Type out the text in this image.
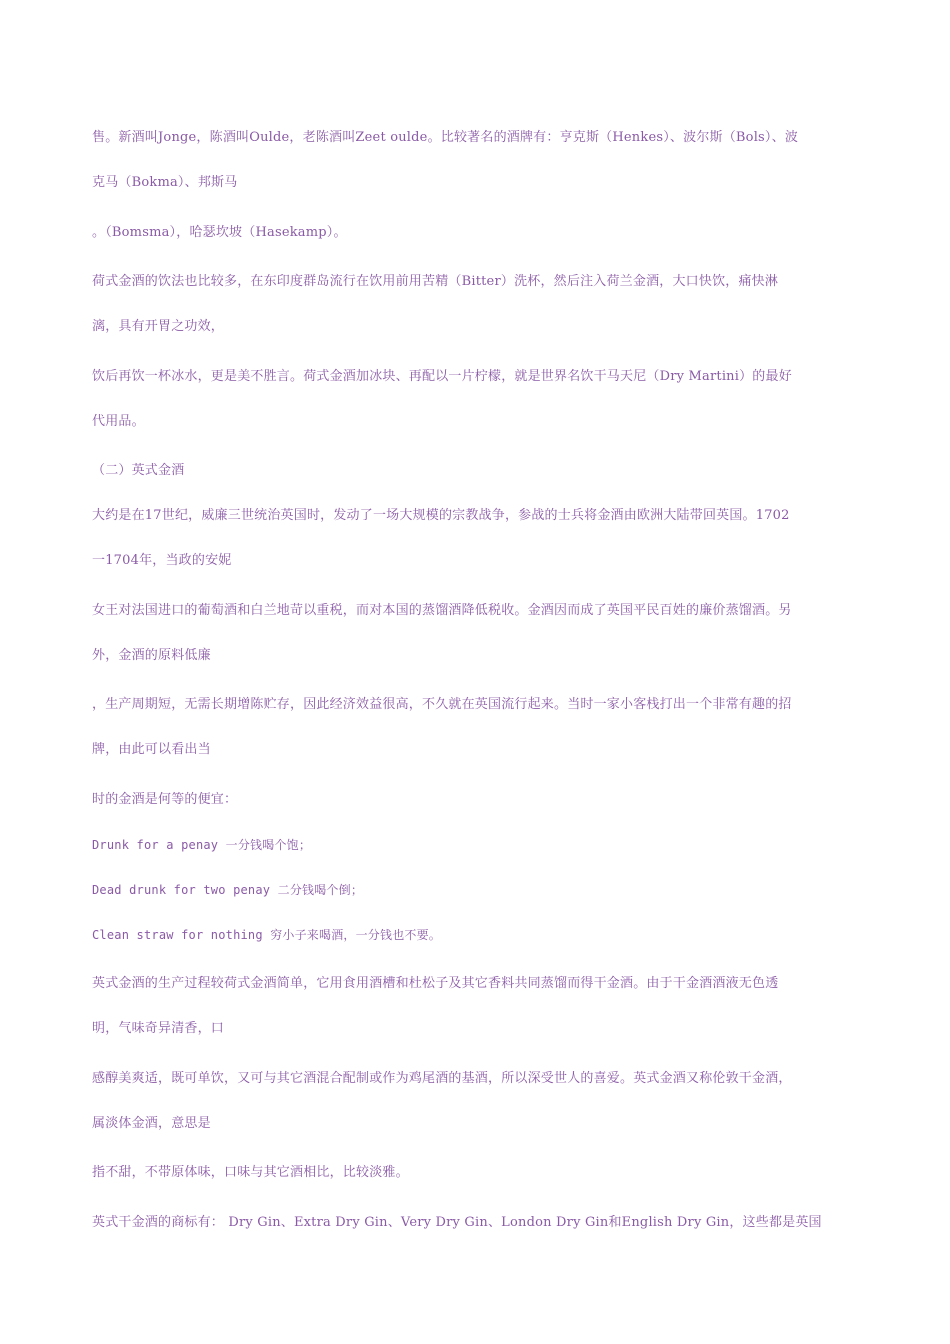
售。新酒叫Jonge，陈酒叫Oulde，老陈酒叫Zeet oulde。比较著名的酒牌有：亨克斯（Henkes）、波尔斯（Bols）、波
克马（Bokma）、邦斯马
。（Bomsma），哈瑟坎坡（Hasekamp）。
荷式金酒的饮法也比较多，在东印度群岛流行在饮用前用苦精（Bitter）洗杯，然后注入荷兰金酒，大口快饮，痛快淋
漓，具有开胃之功效，
饮后再饮一杯冰水，更是美不胜言。荷式金酒加冰块、再配以一片柠檬，就是世界名饮干马天尼（Dry Martini）的最好
代用品。
（二）英式金酒
大约是在17世纪，威廉三世统治英国时，发动了一场大规模的宗教战争，参战的士兵将金酒由欧洲大陆带回英国。1702
一1704年，当政的安妮
女王对法国进口的葡萄酒和白兰地苛以重税，而对本国的蒸馏酒降低税收。金酒因而成了英国平民百姓的廉价蒸馏酒。另
外，金酒的原料低廉
，生产周期短，无需长期增陈贮存，因此经济效益很高，不久就在英国流行起来。当时一家小客栈打出一个非常有趣的招
牌，由此可以看出当
时的金酒是何等的便宜：
Drunk for a penay 一分钱喝个饱；
Dead drunk for two penay 二分钱喝个倒；
Clean straw for nothing 穷小子来喝酒，一分钱也不要。
英式金酒的生产过程较荷式金酒简单，它用食用酒槽和杜松子及其它香料共同蒸馏而得干金酒。由于干金酒酒液无色透
明，气味奇异清香，口
感醇美爽适，既可单饮，又可与其它酒混合配制或作为鸡尾酒的基酒，所以深受世人的喜爱。英式金酒又称伦敦干金酒，
属淡体金酒，意思是
指不甜，不带原体味，口味与其它酒相比，比较淡雅。
英式干金酒的商标有： Dry Gin、Extra Dry Gin、Very Dry Gin、London Dry Gin和English Dry Gin，这些都是英国
